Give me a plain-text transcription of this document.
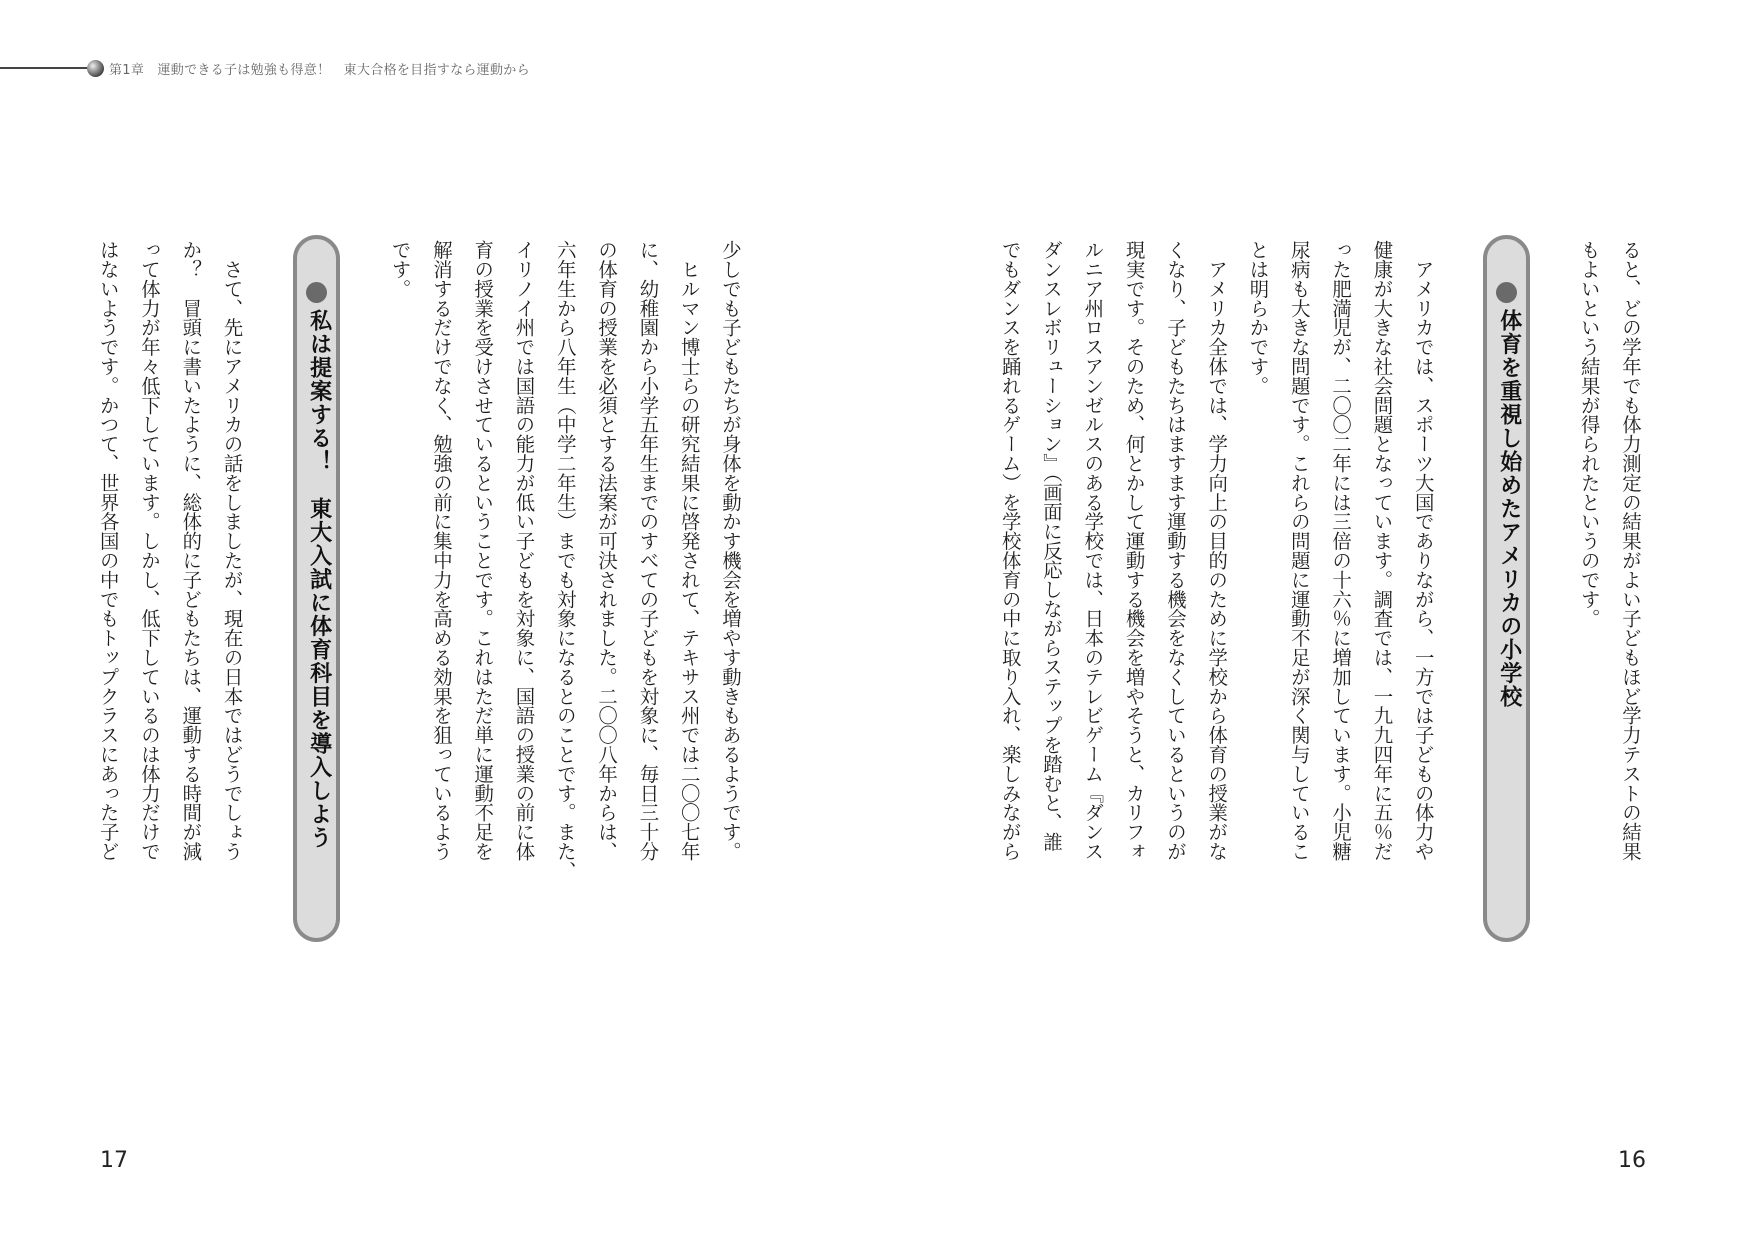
第1章　運動できる子は勉強も得意！　東大合格を目指すなら運動から
ると、どの学年でも体力測定の結果がよい子どもほど学力テストの結果
もよいという結果が得られたというのです。
体育を重視し始めたアメリカの小学校
　アメリカでは、スポーツ大国でありながら、一方では子どもの体力や
健康が大きな社会問題となっています。調査では、一九九四年に五％だ
った肥満児が、二〇〇二年には三倍の十六％に増加しています。小児糖
尿病も大きな問題です。これらの問題に運動不足が深く関与しているこ
とは明らかです。
　アメリカ全体では、学力向上の目的のために学校から体育の授業がな
くなり、子どもたちはますます運動する機会をなくしているというのが
現実です。そのため、何とかして運動する機会を増やそうと、カリフォ
ルニア州ロスアンゼルスのある学校では、日本のテレビゲーム『ダンス
ダンスレボリューション』（画面に反応しながらステップを踏むと、誰
でもダンスを踊れるゲーム）を学校体育の中に取り入れ、楽しみながら
少しでも子どもたちが身体を動かす機会を増やす動きもあるようです。
　ヒルマン博士らの研究結果に啓発されて、テキサス州では二〇〇七年
に、幼稚園から小学五年生までのすべての子どもを対象に、毎日三十分
の体育の授業を必須とする法案が可決されました。二〇〇八年からは、
六年生から八年生（中学二年生）までも対象になるとのことです。また、
イリノイ州では国語の能力が低い子どもを対象に、国語の授業の前に体
育の授業を受けさせているということです。これはただ単に運動不足を
解消するだけでなく、勉強の前に集中力を高める効果を狙っているよう
です。
私は提案する！　東大入試に体育科目を導入しよう
　さて、先にアメリカの話をしましたが、現在の日本ではどうでしょう
か？　冒頭に書いたように、総体的に子どもたちは、運動する時間が減
って体力が年々低下しています。しかし、低下しているのは体力だけで
はないようです。かつて、世界各国の中でもトップクラスにあった子ど
16
17
